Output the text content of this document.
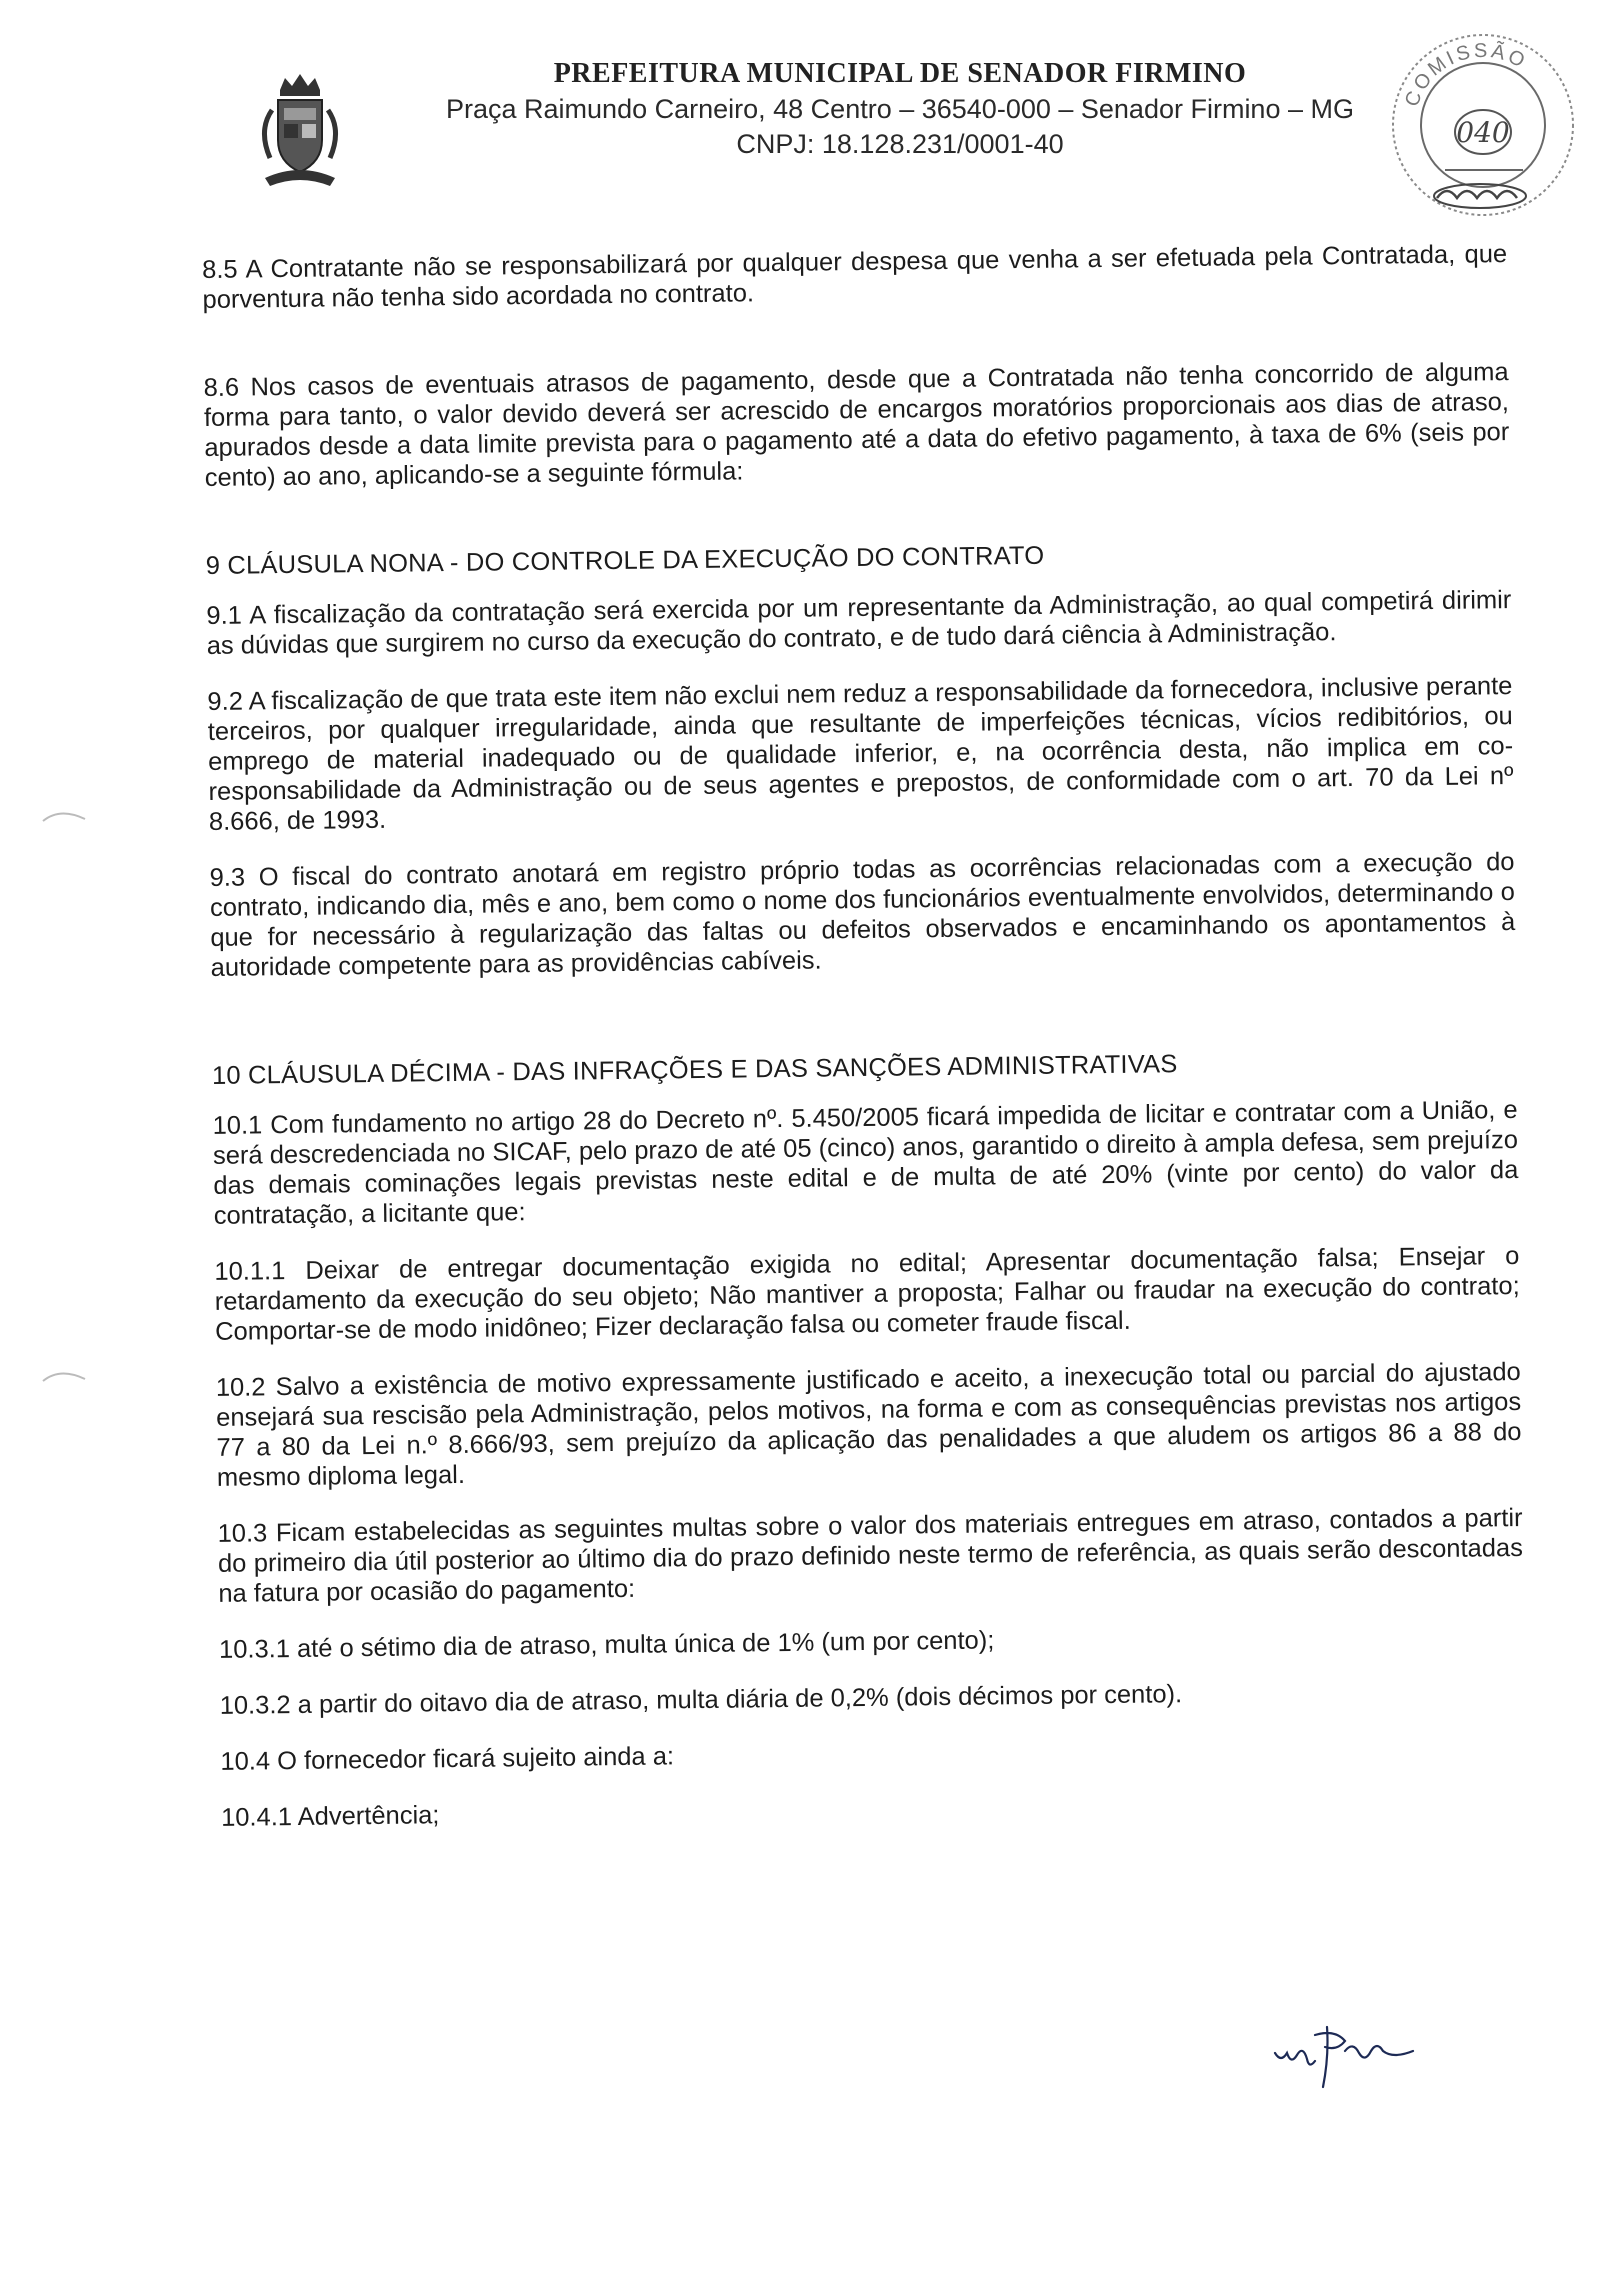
PREFEITURA MUNICIPAL DE SENADOR FIRMINO
Praça Raimundo Carneiro, 48 Centro – 36540-000 – Senador Firmino – MG
CNPJ: 18.128.231/0001-40
COMISSÃO
040

8.5 A Contratante não se responsabilizará por qualquer despesa que venha a ser efetuada pela Contratada, que porventura não tenha sido acordada no contrato.

8.6 Nos casos de eventuais atrasos de pagamento, desde que a Contratada não tenha concorrido de alguma forma para tanto, o valor devido deverá ser acrescido de encargos moratórios proporcionais aos dias de atraso, apurados desde a data limite prevista para o pagamento até a data do efetivo pagamento, à taxa de 6% (seis por cento) ao ano, aplicando-se a seguinte fórmula:

9 CLÁUSULA NONA - DO CONTROLE DA EXECUÇÃO DO CONTRATO

9.1 A fiscalização da contratação será exercida por um representante da Administração, ao qual competirá dirimir as dúvidas que surgirem no curso da execução do contrato, e de tudo dará ciência à Administração.

9.2 A fiscalização de que trata este item não exclui nem reduz a responsabilidade da fornecedora, inclusive perante terceiros, por qualquer irregularidade, ainda que resultante de imperfeições técnicas, vícios redibitórios, ou emprego de material inadequado ou de qualidade inferior, e, na ocorrência desta, não implica em co-responsabilidade da Administração ou de seus agentes e prepostos, de conformidade com o art. 70 da Lei nº 8.666, de 1993.

9.3 O fiscal do contrato anotará em registro próprio todas as ocorrências relacionadas com a execução do contrato, indicando dia, mês e ano, bem como o nome dos funcionários eventualmente envolvidos, determinando o que for necessário à regularização das faltas ou defeitos observados e encaminhando os apontamentos à autoridade competente para as providências cabíveis.

10 CLÁUSULA DÉCIMA - DAS INFRAÇÕES E DAS SANÇÕES ADMINISTRATIVAS

10.1 Com fundamento no artigo 28 do Decreto nº. 5.450/2005 ficará impedida de licitar e contratar com a União, e será descredenciada no SICAF, pelo prazo de até 05 (cinco) anos, garantido o direito à ampla defesa, sem prejuízo das demais cominações legais previstas neste edital e de multa de até 20% (vinte por cento) do valor da contratação, a licitante que:

10.1.1 Deixar de entregar documentação exigida no edital; Apresentar documentação falsa; Ensejar o retardamento da execução do seu objeto; Não mantiver a proposta; Falhar ou fraudar na execução do contrato; Comportar-se de modo inidôneo; Fizer declaração falsa ou cometer fraude fiscal.

10.2 Salvo a existência de motivo expressamente justificado e aceito, a inexecução total ou parcial do ajustado ensejará sua rescisão pela Administração, pelos motivos, na forma e com as consequências previstas nos artigos 77 a 80 da Lei n.º 8.666/93, sem prejuízo da aplicação das penalidades a que aludem os artigos 86 a 88 do mesmo diploma legal.

10.3 Ficam estabelecidas as seguintes multas sobre o valor dos materiais entregues em atraso, contados a partir do primeiro dia útil posterior ao último dia do prazo definido neste termo de referência, as quais serão descontadas na fatura por ocasião do pagamento:

10.3.1 até o sétimo dia de atraso, multa única de 1% (um por cento);

10.3.2 a partir do oitavo dia de atraso, multa diária de 0,2% (dois décimos por cento).

10.4 O fornecedor ficará sujeito ainda a:

10.4.1 Advertência;
